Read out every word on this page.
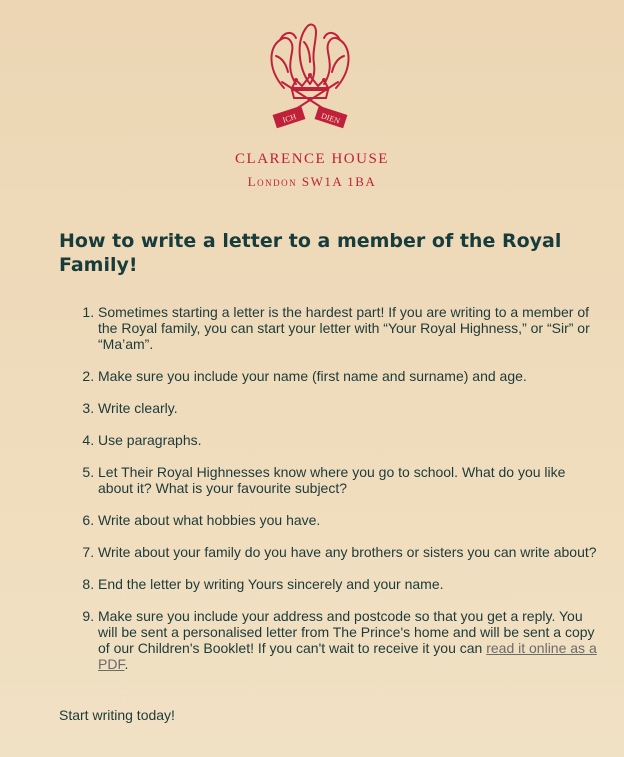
ICH	DIEN
CLARENCE HOUSE
London SW1A 1BA
How to write a letter to a member of the Royal Family!
1. Sometimes starting a letter is the hardest part! If you are writing to a member of the Royal family, you can start your letter with “Your Royal Highness,” or “Sir” or “Ma’am”.
2. Make sure you include your name (first name and surname) and age.
3. Write clearly.
4. Use paragraphs.
5. Let Their Royal Highnesses know where you go to school. What do you like about it? What is your favourite subject?
6. Write about what hobbies you have.
7. Write about your family do you have any brothers or sisters you can write about?
8. End the letter by writing Yours sincerely and your name.
9. Make sure you include your address and postcode so that you get a reply. You will be sent a personalised letter from The Prince's home and will be sent a copy of our Children's Booklet! If you can't wait to receive it you can read it online as a PDF.

Start writing today!
